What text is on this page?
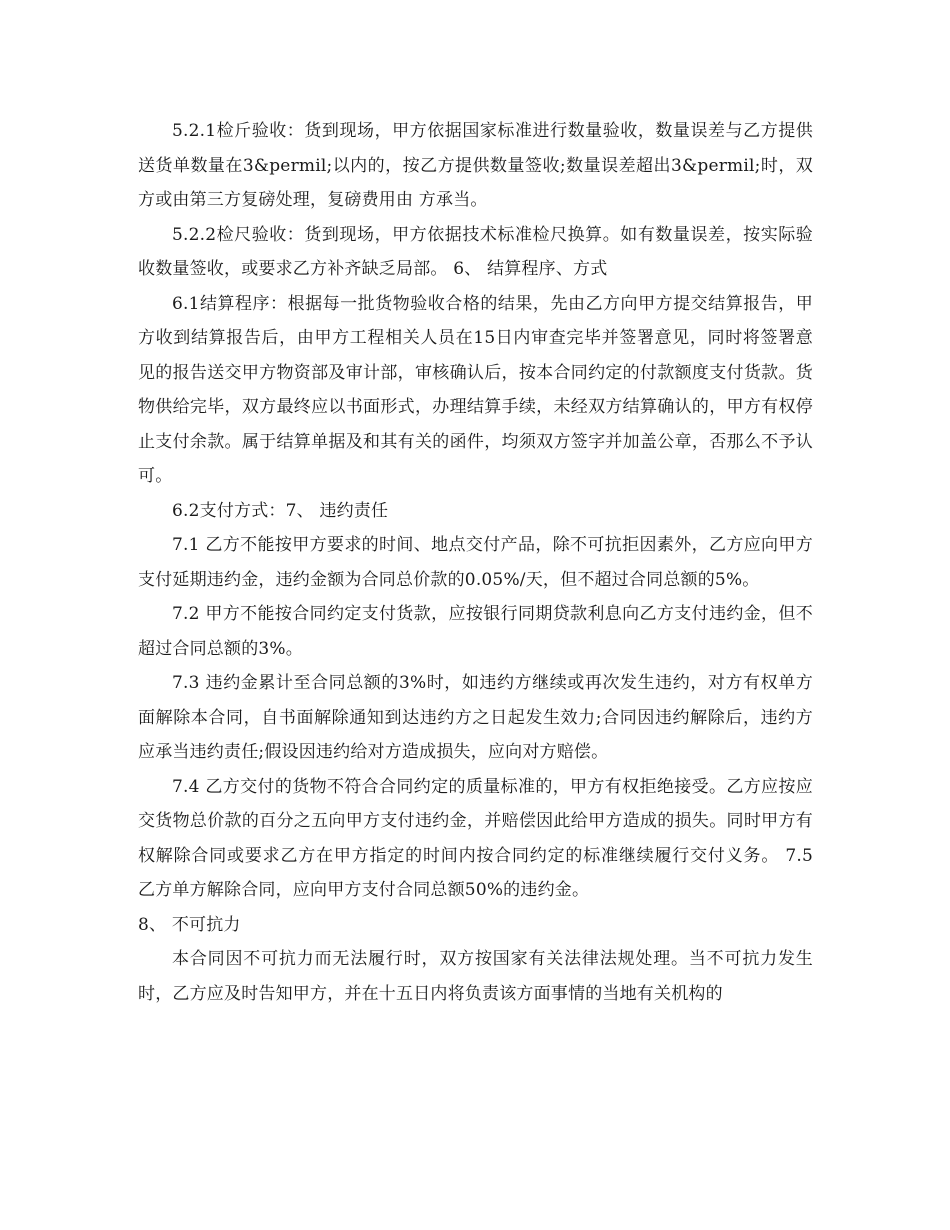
5.2.1检斤验收：货到现场，甲方依据国家标准进行数量验收，数量误差与乙方提供送货单数量在3&permil;以内的，按乙方提供数量签收;数量误差超出3&permil;时，双方或由第三方复磅处理，复磅费用由 方承当。

5.2.2检尺验收：货到现场，甲方依据技术标准检尺换算。如有数量误差，按实际验收数量签收，或要求乙方补齐缺乏局部。 6、 结算程序、方式

6.1结算程序：根据每一批货物验收合格的结果，先由乙方向甲方提交结算报告，甲方收到结算报告后，由甲方工程相关人员在15日内审查完毕并签署意见，同时将签署意见的报告送交甲方物资部及审计部，审核确认后，按本合同约定的付款额度支付货款。货物供给完毕，双方最终应以书面形式，办理结算手续，未经双方结算确认的，甲方有权停止支付余款。属于结算单据及和其有关的函件，均须双方签字并加盖公章，否那么不予认可。

6.2支付方式：7、 违约责任

7.1 乙方不能按甲方要求的时间、地点交付产品，除不可抗拒因素外，乙方应向甲方支付延期违约金，违约金额为合同总价款的0.05%/天，但不超过合同总额的5%。

7.2 甲方不能按合同约定支付货款，应按银行同期贷款利息向乙方支付违约金，但不超过合同总额的3%。

7.3 违约金累计至合同总额的3%时，如违约方继续或再次发生违约，对方有权单方面解除本合同，自书面解除通知到达违约方之日起发生效力;合同因违约解除后，违约方应承当违约责任;假设因违约给对方造成损失，应向对方赔偿。

7.4 乙方交付的货物不符合合同约定的质量标准的，甲方有权拒绝接受。乙方应按应交货物总价款的百分之五向甲方支付违约金，并赔偿因此给甲方造成的损失。同时甲方有权解除合同或要求乙方在甲方指定的时间内按合同约定的标准继续履行交付义务。 7.5 乙方单方解除合同，应向甲方支付合同总额50%的违约金。

8、 不可抗力

本合同因不可抗力而无法履行时，双方按国家有关法律法规处理。当不可抗力发生时，乙方应及时告知甲方，并在十五日内将负责该方面事情的当地有关机构的
